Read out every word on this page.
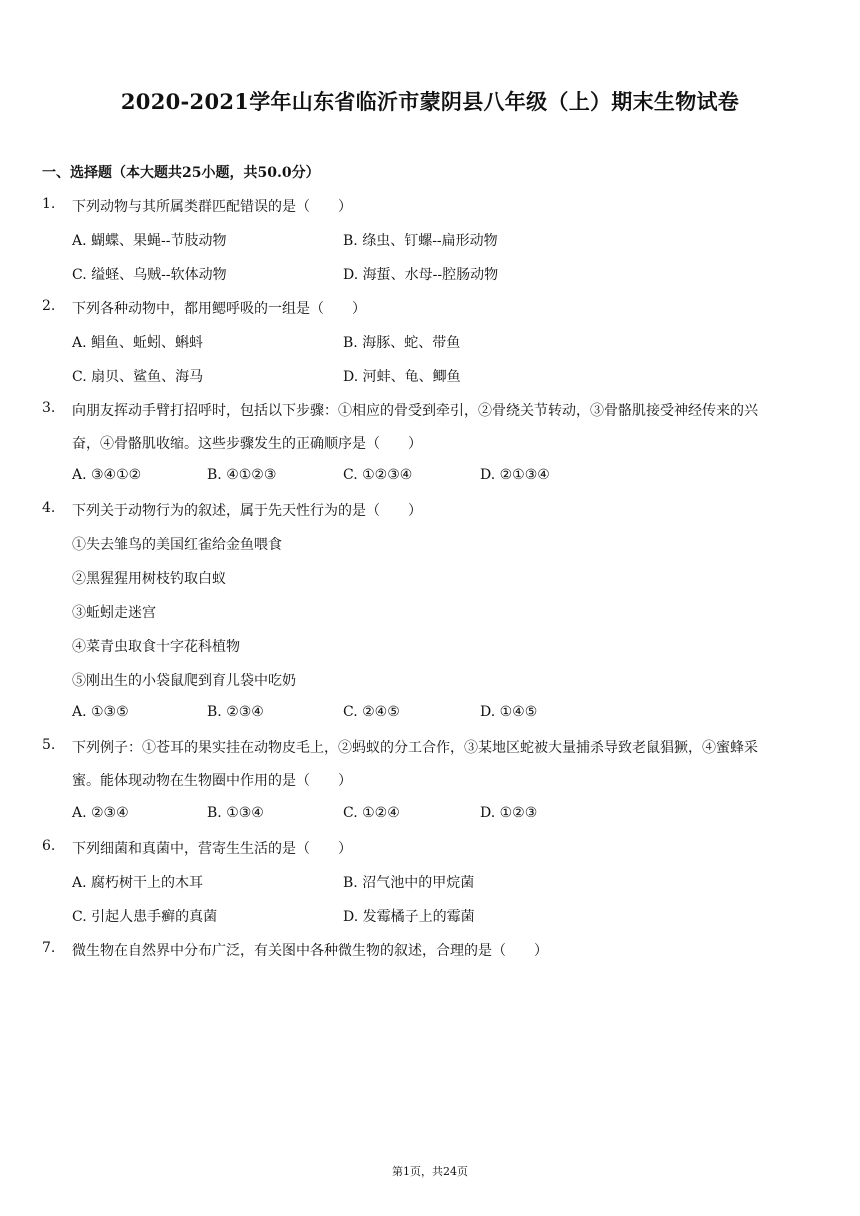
2020-2021学年山东省临沂市蒙阴县八年级（上）期末生物试卷
一、选择题（本大题共25小题，共50.0分）
1. 下列动物与其所属类群匹配错误的是（　　）
A. 蝴蝶、果蝇--节肢动物	B. 绦虫、钉螺--扁形动物
C. 缢蛏、乌贼--软体动物	D. 海蜇、水母--腔肠动物
2. 下列各种动物中，都用鳃呼吸的一组是（　　）
A. 鲳鱼、蚯蚓、蝌蚪	B. 海豚、蛇、带鱼
C. 扇贝、鲨鱼、海马	D. 河蚌、龟、鲫鱼
3. 向朋友挥动手臂打招呼时，包括以下步骤：①相应的骨受到牵引，②骨绕关节转动，③骨骼肌接受神经传来的兴
奋，④骨骼肌收缩。这些步骤发生的正确顺序是（　　）
A. ③④①②	B. ④①②③	C. ①②③④	D. ②①③④
4. 下列关于动物行为的叙述，属于先天性行为的是（　　）
①失去雏鸟的美国红雀给金鱼喂食
②黑猩猩用树枝钓取白蚁
③蚯蚓走迷宫
④菜青虫取食十字花科植物
⑤刚出生的小袋鼠爬到育儿袋中吃奶
A. ①③⑤	B. ②③④	C. ②④⑤	D. ①④⑤
5. 下列例子：①苍耳的果实挂在动物皮毛上，②蚂蚁的分工合作，③某地区蛇被大量捕杀导致老鼠猖獗，④蜜蜂采
蜜。能体现动物在生物圈中作用的是（　　）
A. ②③④	B. ①③④	C. ①②④	D. ①②③
6. 下列细菌和真菌中，营寄生生活的是（　　）
A. 腐朽树干上的木耳	B. 沼气池中的甲烷菌
C. 引起人患手癣的真菌	D. 发霉橘子上的霉菌
7. 微生物在自然界中分布广泛，有关图中各种微生物的叙述，合理的是（　　）
第1页，共24页
